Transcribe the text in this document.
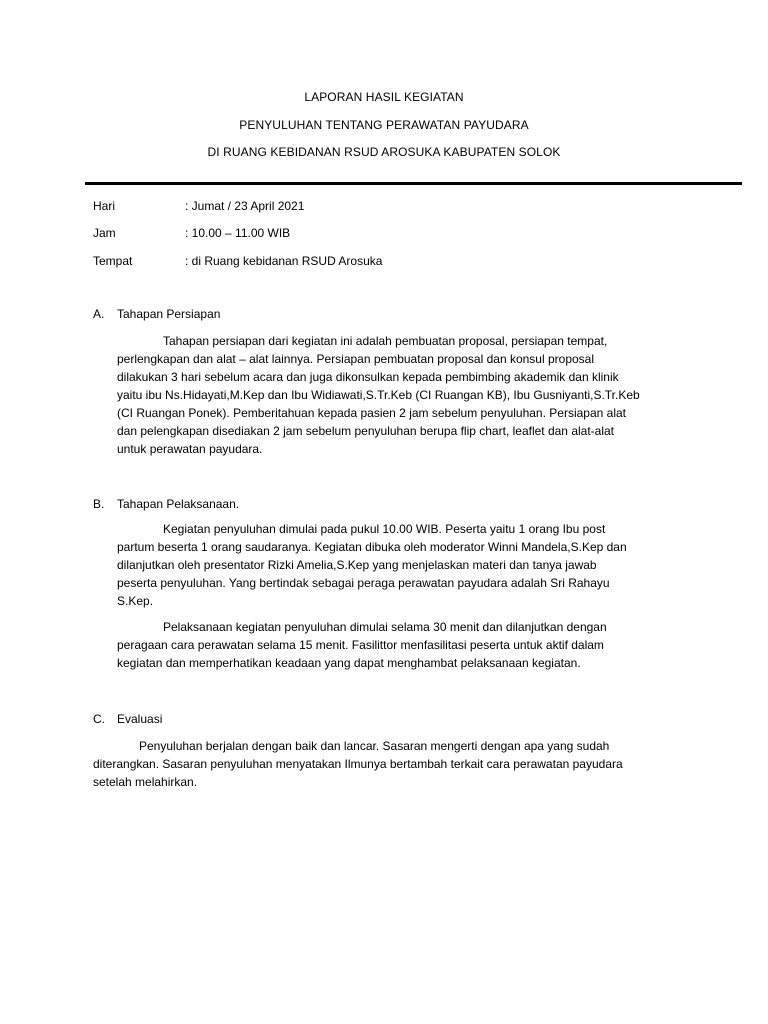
LAPORAN HASIL KEGIATAN
PENYULUHAN TENTANG PERAWATAN PAYUDARA
DI RUANG KEBIDANAN RSUD AROSUKA KABUPATEN SOLOK
Hari	: Jumat / 23 April 2021
Jam	: 10.00 – 11.00 WIB
Tempat	: di Ruang kebidanan RSUD Arosuka
A. Tahapan Persiapan
Tahapan persiapan dari kegiatan ini adalah pembuatan proposal, persiapan tempat,
perlengkapan dan alat – alat lainnya. Persiapan pembuatan proposal dan konsul proposal
dilakukan 3 hari sebelum acara dan juga dikonsulkan kepada pembimbing akademik dan klinik
yaitu ibu Ns.Hidayati,M.Kep dan Ibu Widiawati,S.Tr.Keb (CI Ruangan KB), Ibu Gusniyanti,S.Tr.Keb
(CI Ruangan Ponek). Pemberitahuan kepada pasien 2 jam sebelum penyuluhan. Persiapan alat
dan pelengkapan disediakan 2 jam sebelum penyuluhan berupa flip chart, leaflet dan alat-alat
untuk perawatan payudara.
B. Tahapan Pelaksanaan.
Kegiatan penyuluhan dimulai pada pukul 10.00 WIB. Peserta yaitu 1 orang Ibu post
partum beserta 1 orang saudaranya. Kegiatan dibuka oleh moderator Winni Mandela,S.Kep dan
dilanjutkan oleh presentator Rizki Amelia,S.Kep yang menjelaskan materi dan tanya jawab
peserta penyuluhan. Yang bertindak sebagai peraga perawatan payudara adalah Sri Rahayu
S.Kep.
Pelaksanaan kegiatan penyuluhan dimulai selama 30 menit dan dilanjutkan dengan
peragaan cara perawatan selama 15 menit. Fasilittor menfasilitasi peserta untuk aktif dalam
kegiatan dan memperhatikan keadaan yang dapat menghambat pelaksanaan kegiatan.
C. Evaluasi
Penyuluhan berjalan dengan baik dan lancar. Sasaran mengerti dengan apa yang sudah
diterangkan. Sasaran penyuluhan menyatakan Ilmunya bertambah terkait cara perawatan payudara
setelah melahirkan.
